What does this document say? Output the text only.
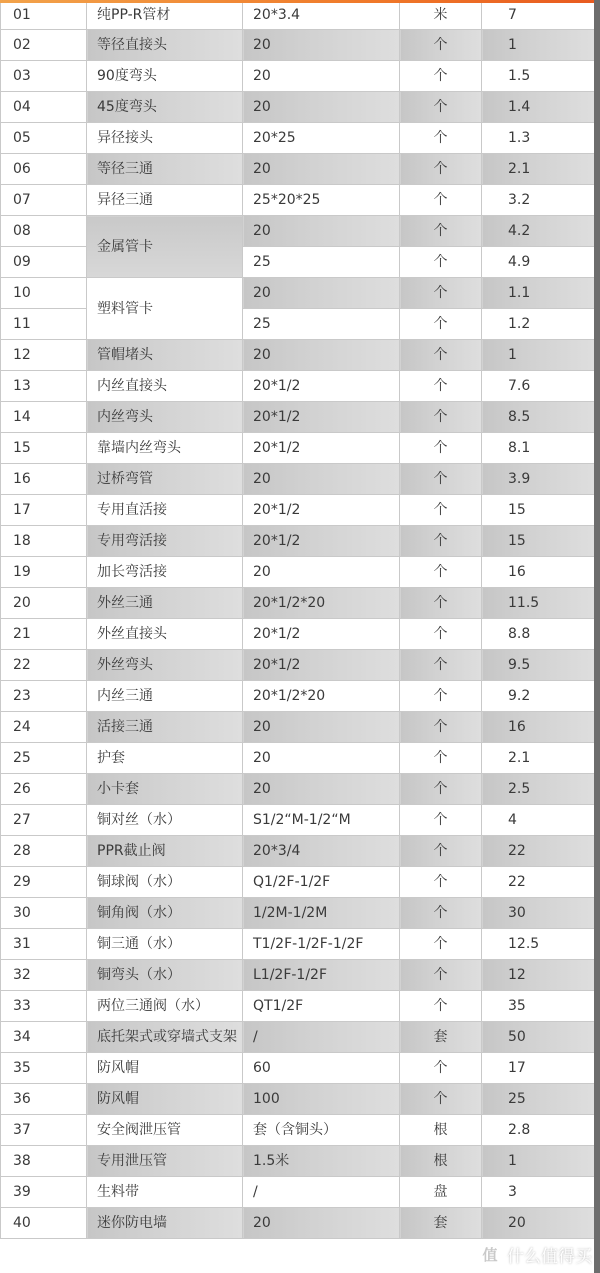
01	纯PP-R管材	20*3.4	米	7
02	等径直接头	20	个	1
03	90度弯头	20	个	1.5
04	45度弯头	20	个	1.4
05	异径接头	20*25	个	1.3
06	等径三通	20	个	2.1
07	异径三通	25*20*25	个	3.2
08	金属管卡	20	个	4.2
09		25	个	4.9
10	塑料管卡	20	个	1.1
11		25	个	1.2
12	管帽堵头	20	个	1
13	内丝直接头	20*1/2	个	7.6
14	内丝弯头	20*1/2	个	8.5
15	靠墙内丝弯头	20*1/2	个	8.1
16	过桥弯管	20	个	3.9
17	专用直活接	20*1/2	个	15
18	专用弯活接	20*1/2	个	15
19	加长弯活接	20	个	16
20	外丝三通	20*1/2*20	个	11.5
21	外丝直接头	20*1/2	个	8.8
22	外丝弯头	20*1/2	个	9.5
23	内丝三通	20*1/2*20	个	9.2
24	活接三通	20	个	16
25	护套	20	个	2.1
26	小卡套	20	个	2.5
27	铜对丝（水）	S1/2“M-1/2“M	个	4
28	PPR截止阀	20*3/4	个	22
29	铜球阀（水）	Q1/2F-1/2F	个	22
30	铜角阀（水）	1/2M-1/2M	个	30
31	铜三通（水）	T1/2F-1/2F-1/2F	个	12.5
32	铜弯头（水）	L1/2F-1/2F	个	12
33	两位三通阀（水）	QT1/2F	个	35
34	底托架式或穿墙式支架	/	套	50
35	防风帽	60	个	17
36	防风帽	100	个	25
37	安全阀泄压管	套（含铜头）	根	2.8
38	专用泄压管	1.5米	根	1
39	生料带	/	盘	3
40	迷你防电墙	20	套	20
值 什么值得买
